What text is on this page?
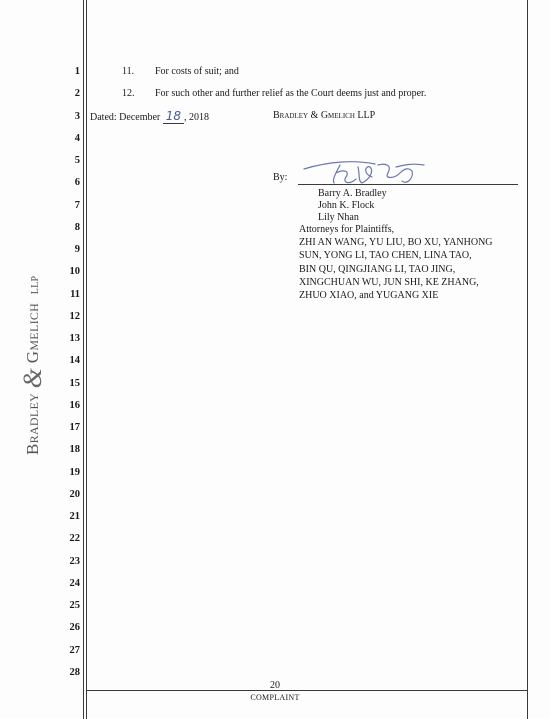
Bradley & Gmelich LLP
1
2
3
4
5
6
7
8
9
10
11
12
13
14
15
16
17
18
19
20
21
22
23
24
25
26
27
28
11. For costs of suit; and
12. For such other and further relief as the Court deems just and proper.
Dated: December 18 , 2018	Bradley & Gmelich LLP
By:
Barry A. Bradley
John K. Flock
Lily Nhan
Attorneys for Plaintiffs,
ZHI AN WANG, YU LIU, BO XU, YANHONG
SUN, YONG LI, TAO CHEN, LINA TAO,
BIN QU, QINGJIANG LI, TAO JING,
XINGCHUAN WU, JUN SHI, KE ZHANG,
ZHUO XIAO, and YUGANG XIE
20
COMPLAINT
